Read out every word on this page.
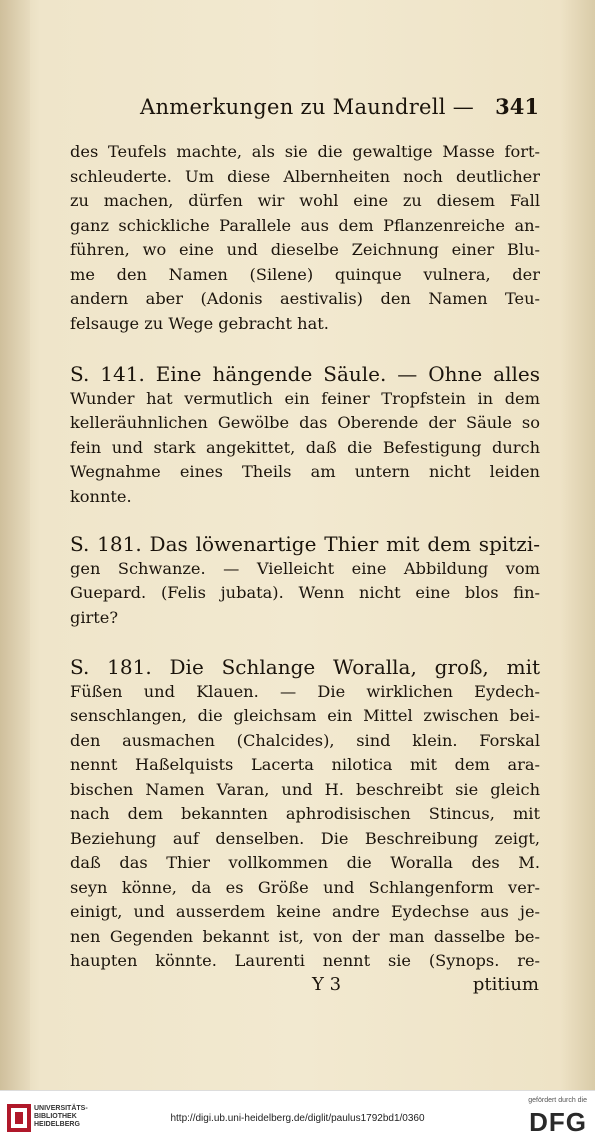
Anmerkungen zu Maundrell — 341
des Teufels machte, als sie die gewaltige Masse fort-
schleuderte. Um diese Albernheiten noch deutlicher
zu machen, dürfen wir wohl eine zu diesem Fall
ganz schickliche Parallele aus dem Pflanzenreiche an-
führen, wo eine und dieselbe Zeichnung einer Blu-
me den Namen (Silene) quinque vulnera, der
andern aber (Adonis aestivalis) den Namen Teu-
felsauge zu Wege gebracht hat.
S. 141. Eine hängende Säule. — Ohne alles
Wunder hat vermutlich ein feiner Tropfstein in dem
kelleräuhnlichen Gewölbe das Oberende der Säule so
fein und stark angekittet, daß die Befestigung durch
Wegnahme eines Theils am untern nicht leiden
konnte.
S. 181. Das löwenartige Thier mit dem spitzi-
gen Schwanze. — Vielleicht eine Abbildung vom
Guepard. (Felis jubata). Wenn nicht eine blos fin-
girte?
S. 181. Die Schlange Woralla, groß, mit
Füßen und Klauen. — Die wirklichen Eydech-
senschlangen, die gleichsam ein Mittel zwischen bei-
den ausmachen (Chalcides), sind klein. Forskal
nennt Haßelquists Lacerta nilotica mit dem ara-
bischen Namen Varan, und H. beschreibt sie gleich
nach dem bekannten aphrodisischen Stincus, mit
Beziehung auf denselben. Die Beschreibung zeigt,
daß das Thier vollkommen die Woralla des M.
seyn könne, da es Größe und Schlangenform ver-
einigt, und ausserdem keine andre Eydechse aus je-
nen Gegenden bekannt ist, von der man dasselbe be-
haupten könnte. Laurenti nennt sie (Synops. re-
Y 3	ptitium
UNIVERSITÄTS-
BIBLIOTHEK
HEIDELBERG
http://digi.ub.uni-heidelberg.de/diglit/paulus1792bd1/0360
gefördert durch die
DFG
